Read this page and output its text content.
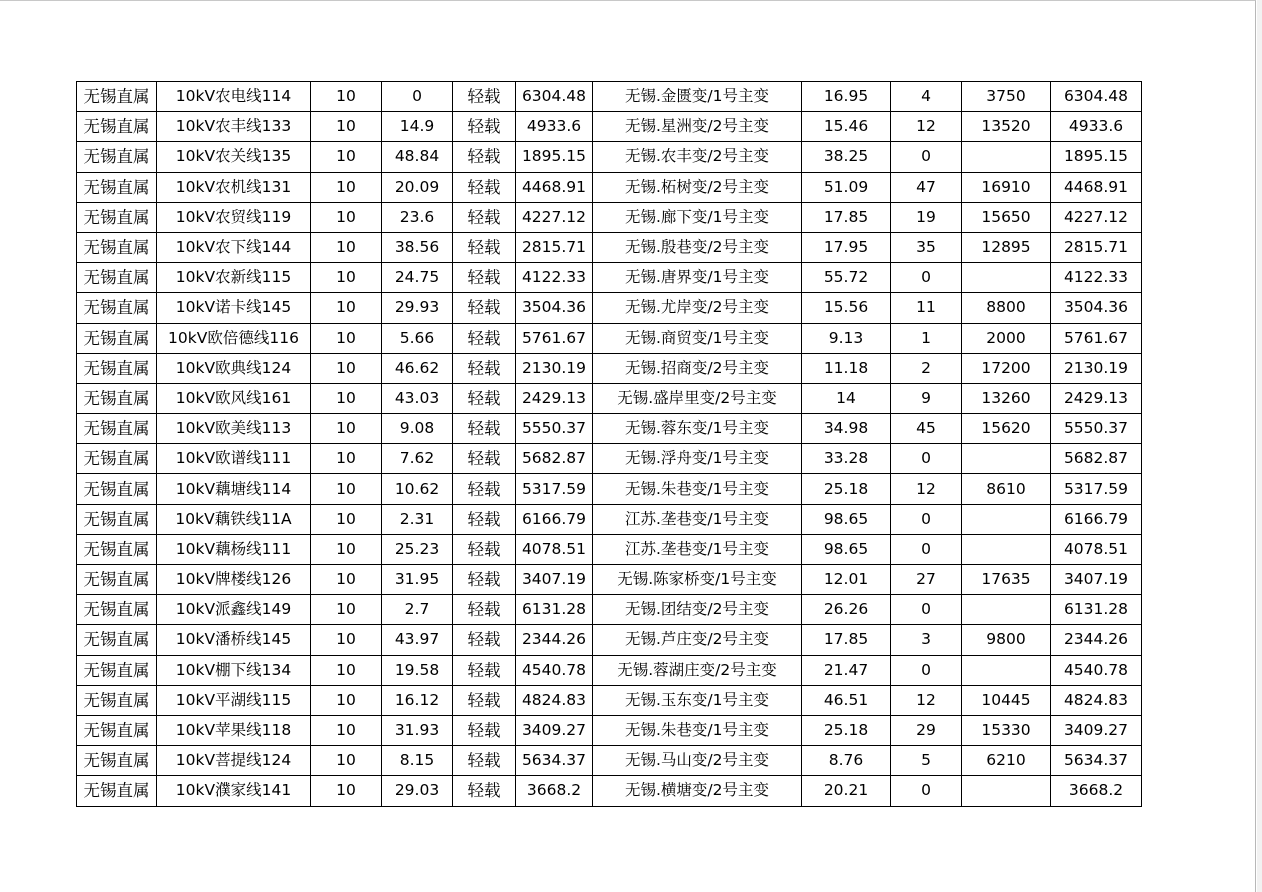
无锡直属	10kV农电线114	10	0	轻载	6304.48	无锡.金匮变/1号主变	16.95	4	3750	6304.48
无锡直属	10kV农丰线133	10	14.9	轻载	4933.6	无锡.星洲变/2号主变	15.46	12	13520	4933.6
无锡直属	10kV农关线135	10	48.84	轻载	1895.15	无锡.农丰变/2号主变	38.25	0		1895.15
无锡直属	10kV农机线131	10	20.09	轻载	4468.91	无锡.柘树变/2号主变	51.09	47	16910	4468.91
无锡直属	10kV农贸线119	10	23.6	轻载	4227.12	无锡.廊下变/1号主变	17.85	19	15650	4227.12
无锡直属	10kV农下线144	10	38.56	轻载	2815.71	无锡.殷巷变/2号主变	17.95	35	12895	2815.71
无锡直属	10kV农新线115	10	24.75	轻载	4122.33	无锡.唐界变/1号主变	55.72	0		4122.33
无锡直属	10kV诺卡线145	10	29.93	轻载	3504.36	无锡.尤岸变/2号主变	15.56	11	8800	3504.36
无锡直属	10kV欧倍德线116	10	5.66	轻载	5761.67	无锡.商贸变/1号主变	9.13	1	2000	5761.67
无锡直属	10kV欧典线124	10	46.62	轻载	2130.19	无锡.招商变/2号主变	11.18	2	17200	2130.19
无锡直属	10kV欧风线161	10	43.03	轻载	2429.13	无锡.盛岸里变/2号主变	14	9	13260	2429.13
无锡直属	10kV欧美线113	10	9.08	轻载	5550.37	无锡.蓉东变/1号主变	34.98	45	15620	5550.37
无锡直属	10kV欧谱线111	10	7.62	轻载	5682.87	无锡.浮舟变/1号主变	33.28	0		5682.87
无锡直属	10kV藕塘线114	10	10.62	轻载	5317.59	无锡.朱巷变/1号主变	25.18	12	8610	5317.59
无锡直属	10kV藕铁线11A	10	2.31	轻载	6166.79	江苏.垄巷变/1号主变	98.65	0		6166.79
无锡直属	10kV藕杨线111	10	25.23	轻载	4078.51	江苏.垄巷变/1号主变	98.65	0		4078.51
无锡直属	10kV牌楼线126	10	31.95	轻载	3407.19	无锡.陈家桥变/1号主变	12.01	27	17635	3407.19
无锡直属	10kV派鑫线149	10	2.7	轻载	6131.28	无锡.团结变/2号主变	26.26	0		6131.28
无锡直属	10kV潘桥线145	10	43.97	轻载	2344.26	无锡.芦庄变/2号主变	17.85	3	9800	2344.26
无锡直属	10kV棚下线134	10	19.58	轻载	4540.78	无锡.蓉湖庄变/2号主变	21.47	0		4540.78
无锡直属	10kV平湖线115	10	16.12	轻载	4824.83	无锡.玉东变/1号主变	46.51	12	10445	4824.83
无锡直属	10kV苹果线118	10	31.93	轻载	3409.27	无锡.朱巷变/1号主变	25.18	29	15330	3409.27
无锡直属	10kV菩提线124	10	8.15	轻载	5634.37	无锡.马山变/2号主变	8.76	5	6210	5634.37
无锡直属	10kV濮家线141	10	29.03	轻载	3668.2	无锡.横塘变/2号主变	20.21	0		3668.2
